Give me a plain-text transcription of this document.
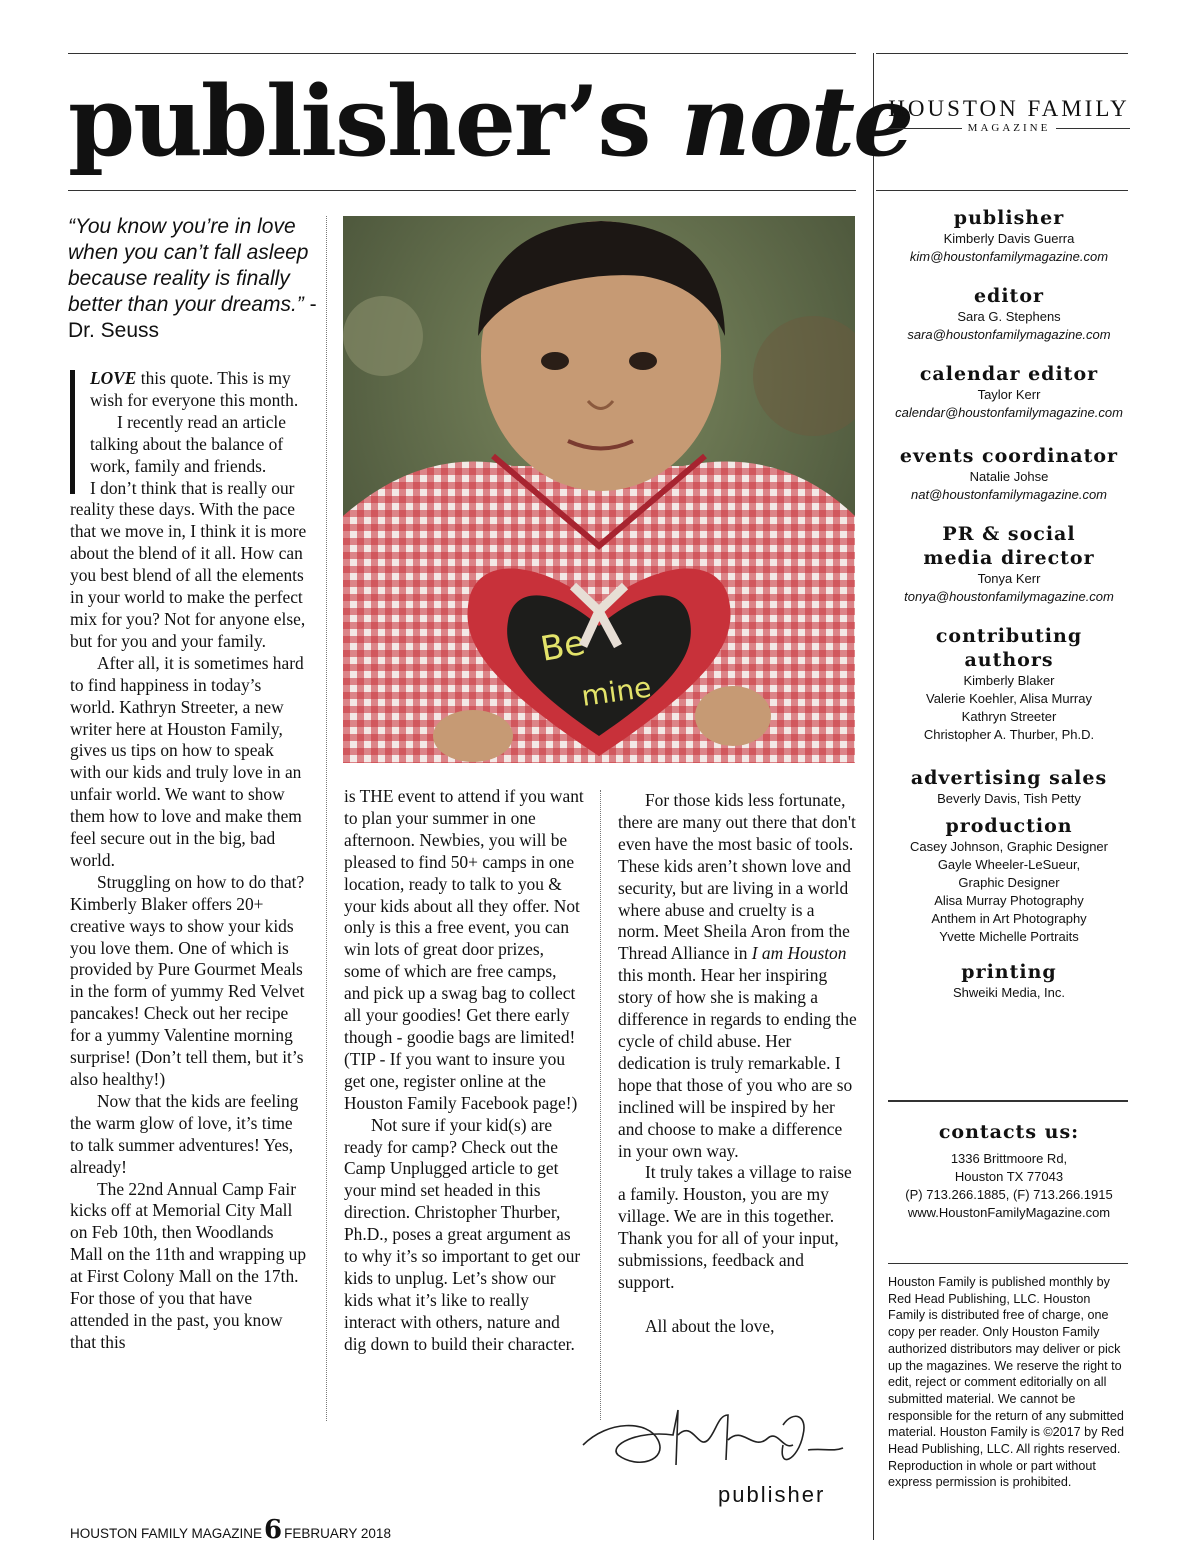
publisher’s note
HOUSTON FAMILY
MAGAZINE
“You know you’re in love when you can’t fall asleep because reality is finally better than your dreams.” - Dr. Seuss

LOVE this quote. This is my wish for everyone this month.

I recently read an article talking about the balance of work, family and friends.

I don’t think that is really our reality these days. With the pace that we move in, I think it is more about the blend of it all. How can you best blend of all the elements in your world to make the perfect mix for you? Not for anyone else, but for you and your family.

After all, it is sometimes hard to find happiness in today’s world. Kathryn Streeter, a new writer here at Houston Family, gives us tips on how to speak with our kids and truly love in an unfair world. We want to show them how to love and make them feel secure out in the big, bad world.

Struggling on how to do that? Kimberly Blaker offers 20+ creative ways to show your kids you love them. One of which is provided by Pure Gourmet Meals in the form of yummy Red Velvet pancakes! Check out her recipe for a yummy Valentine morning surprise! (Don’t tell them, but it’s also healthy!)

Now that the kids are feeling the warm glow of love, it’s time to talk summer adventures! Yes, already!

The 22nd Annual Camp Fair kicks off at Memorial City Mall on Feb 10th, then Woodlands Mall on the 11th and wrapping up at First Colony Mall on the 17th. For those of you that have attended in the past, you know that this

Be
mine

is THE event to attend if you want to plan your summer in one afternoon. Newbies, you will be pleased to find 50+ camps in one location, ready to talk to you & your kids about all they offer. Not only is this a free event, you can win lots of great door prizes, some of which are free camps, and pick up a swag bag to collect all your goodies! Get there early though - goodie bags are limited! (TIP - If you want to insure you get one, register online at the Houston Family Facebook page!)

Not sure if your kid(s) are ready for camp? Check out the Camp Unplugged article to get your mind set headed in this direction. Christopher Thurber, Ph.D., poses a great argument as to why it’s so important to get our kids to unplug. Let’s show our kids what it’s like to really interact with others, nature and dig down to build their character.

For those kids less fortunate, there are many out there that don't even have the most basic of tools. These kids aren’t shown love and security, but are living in a world where abuse and cruelty is a norm. Meet Sheila Aron from the Thread Alliance in I am Houston this month. Hear her inspiring story of how she is making a difference in regards to ending the cycle of child abuse. Her dedication is truly remarkable. I hope that those of you who are so inclined will be inspired by her and choose to make a difference in your own way.

It truly takes a village to raise a family. Houston, you are my village. We are in this together. Thank you for all of your input, submissions, feedback and support.

All about the love,

publisher
publisher
Kimberly Davis Guerra
kim@houstonfamilymagazine.com
editor
Sara G. Stephens
sara@houstonfamilymagazine.com
calendar editor
Taylor Kerr
calendar@houstonfamilymagazine.com
events coordinator
Natalie Johse
nat@houstonfamilymagazine.com
PR & social media director
Tonya Kerr
tonya@houstonfamilymagazine.com
contributing authors
Kimberly Blaker
Valerie Koehler, Alisa Murray
Kathryn Streeter
Christopher A. Thurber, Ph.D.
advertising sales
Beverly Davis, Tish Petty
production
Casey Johnson, Graphic Designer
Gayle Wheeler-LeSueur,
Graphic Designer
Alisa Murray Photography
Anthem in Art Photography
Yvette Michelle Portraits
printing
Shweiki Media, Inc.
contacts us:
1336 Brittmoore Rd,
Houston TX 77043
(P) 713.266.1885, (F) 713.266.1915
www.HoustonFamilyMagazine.com
Houston Family is published monthly by Red Head Publishing, LLC. Houston Family is distributed free of charge, one copy per reader. Only Houston Family authorized distributors may deliver or pick up the magazines. We reserve the right to edit, reject or comment editorially on all submitted material. We cannot be responsible for the return of any submitted material. Houston Family is ©2017 by Red Head Publishing, LLC. All rights reserved. Reproduction in whole or part without express permission is prohibited.
HOUSTON FAMILY MAGAZINE 6 FEBRUARY 2018
